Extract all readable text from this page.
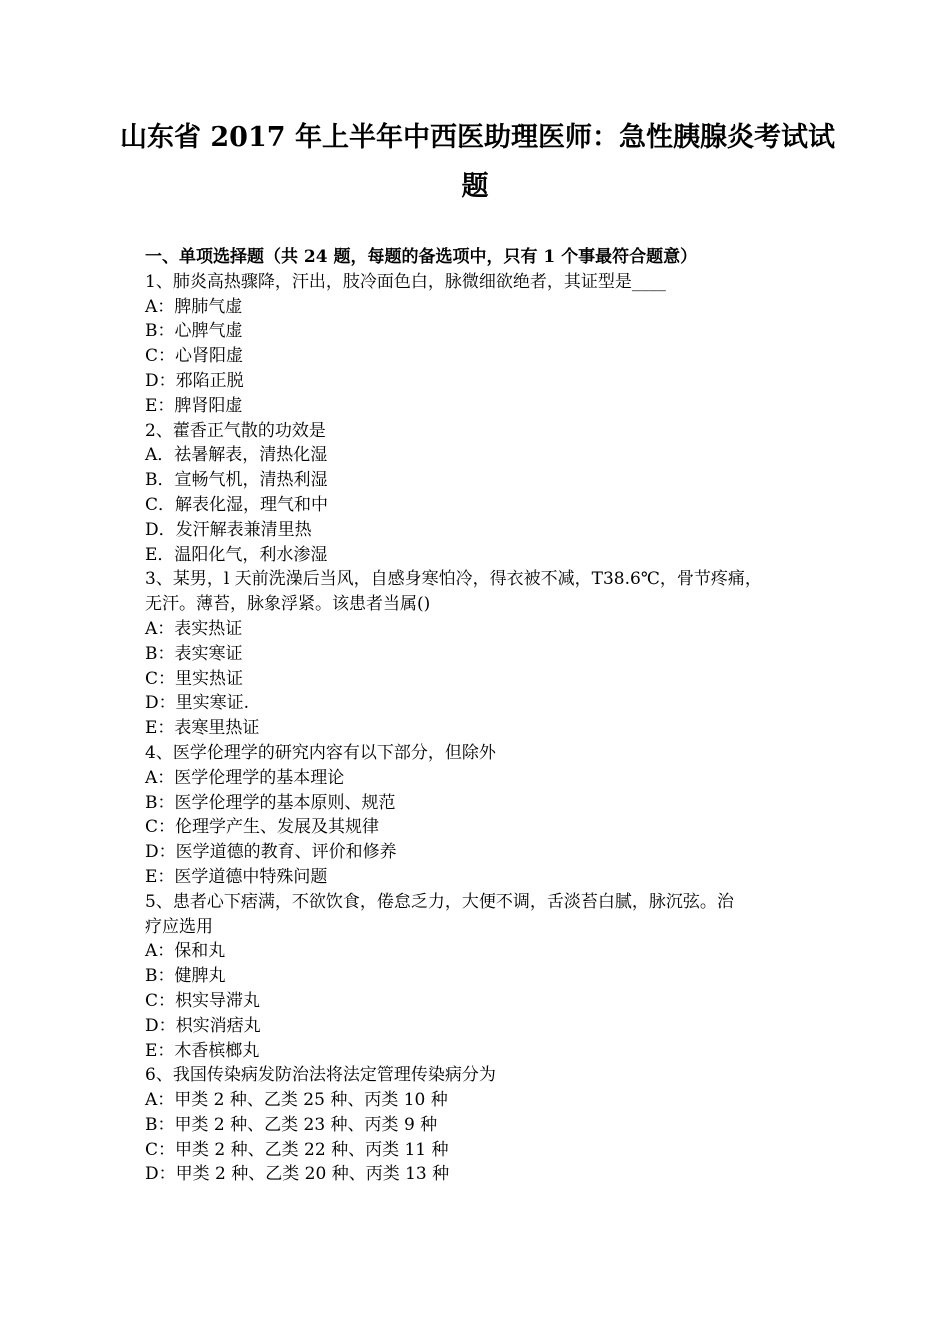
山东省 2017 年上半年中西医助理医师：急性胰腺炎考试试
题
一、单项选择题（共 24 题，每题的备选项中，只有 1 个事最符合题意）
1、肺炎高热骤降，汗出，肢冷面色白，脉微细欲绝者，其证型是____
A：脾肺气虚
B：心脾气虚
C：心肾阳虚
D：邪陷正脱
E：脾肾阳虚
2、藿香正气散的功效是
A．祛暑解表，清热化湿
B．宣畅气机，清热利湿
C．解表化湿，理气和中
D．发汗解表兼清里热
E．温阳化气，利水渗湿
3、某男，l 天前洗澡后当风，自感身寒怕冷，得衣被不减，T38.6℃，骨节疼痛，
无汗。薄苔，脉象浮紧。该患者当属()
A：表实热证
B：表实寒证
C：里实热证
D：里实寒证.
E：表寒里热证
4、医学伦理学的研究内容有以下部分，但除外
A：医学伦理学的基本理论
B：医学伦理学的基本原则、规范
C：伦理学产生、发展及其规律
D：医学道德的教育、评价和修养
E：医学道德中特殊问题
5、患者心下痞满，不欲饮食，倦怠乏力，大便不调，舌淡苔白腻，脉沉弦。治
疗应选用
A：保和丸
B：健脾丸
C：枳实导滞丸
D：枳实消痞丸
E：木香槟榔丸
6、我国传染病发防治法将法定管理传染病分为
A：甲类 2 种、乙类 25 种、丙类 10 种
B：甲类 2 种、乙类 23 种、丙类 9 种
C：甲类 2 种、乙类 22 种、丙类 11 种
D：甲类 2 种、乙类 20 种、丙类 13 种
